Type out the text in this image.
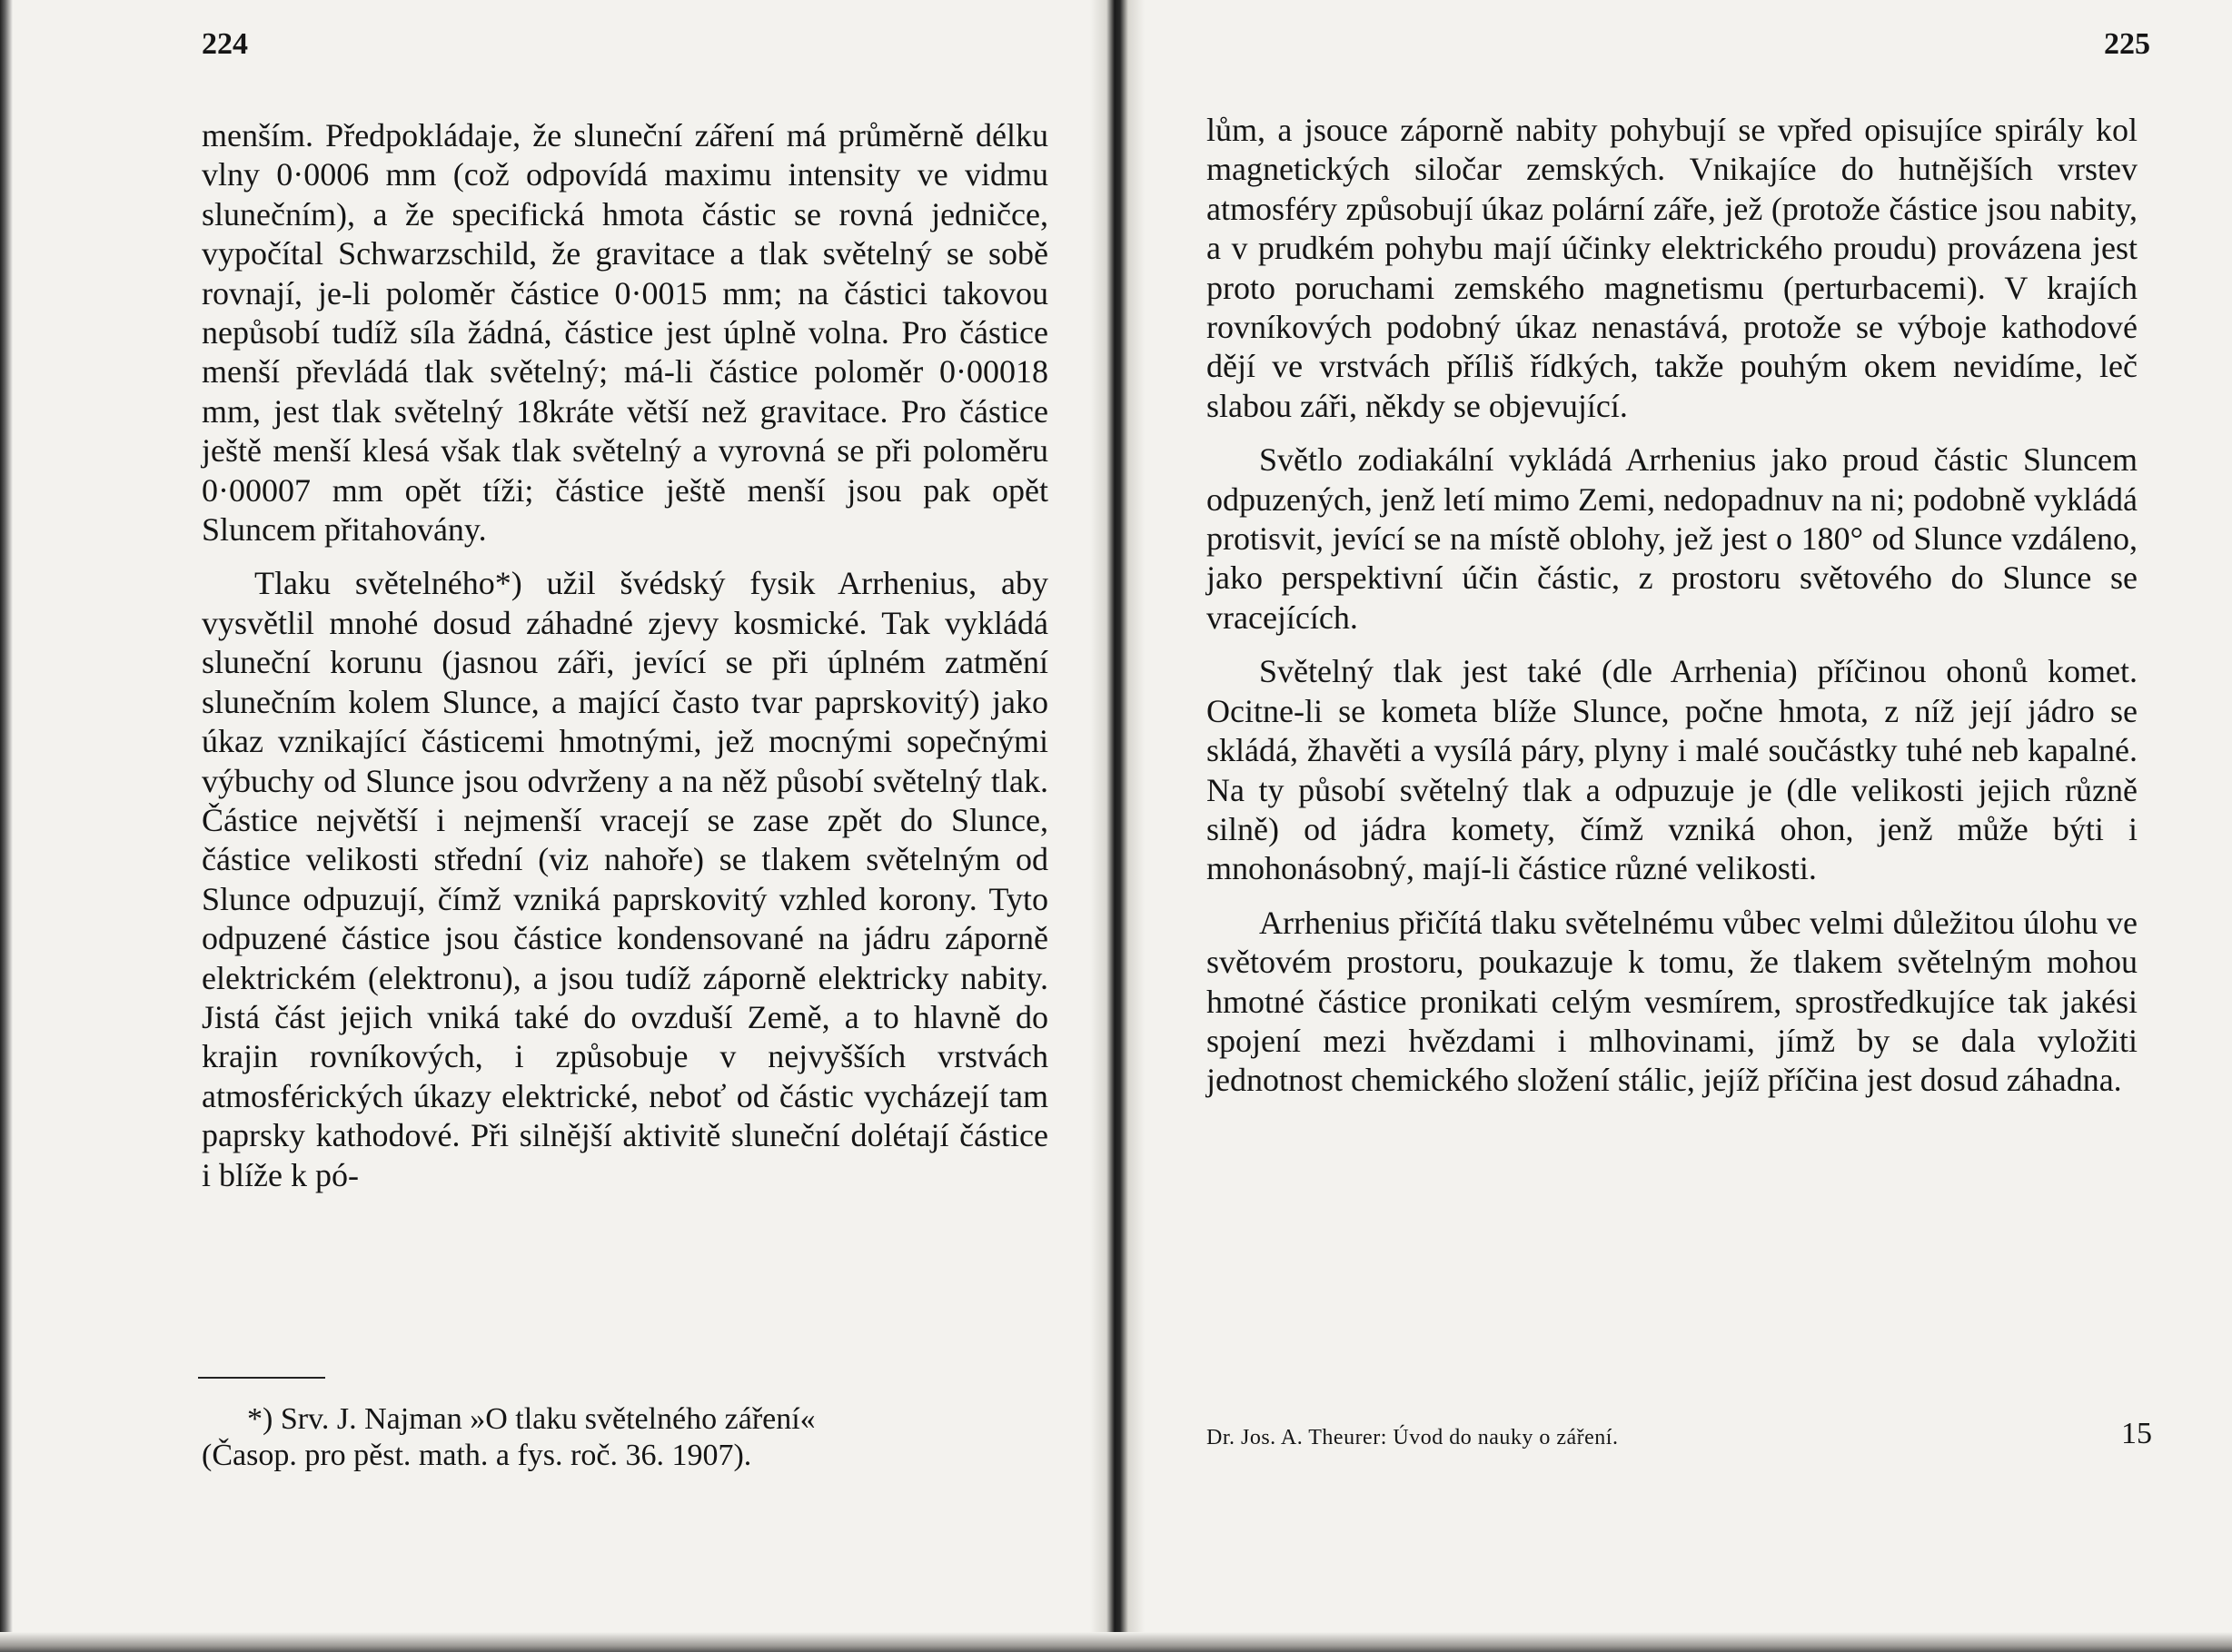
224

menším. Předpokládaje, že sluneční záření má průměrně délku vlny 0·0006 mm (což odpovídá maximu intensity ve vidmu slunečním), a že specifická hmota částic se rovná jedničce, vypočítal Schwarzschild, že gravitace a tlak světelný se sobě rovnají, je-li poloměr částice 0·0015 mm; na částici takovou nepůsobí tudíž síla žádná, částice jest úplně volna. Pro částice menší převládá tlak světelný; má-li částice poloměr 0·00018 mm, jest tlak světelný 18kráte větší než gravitace. Pro částice ještě menší klesá však tlak světelný a vyrovná se při poloměru 0·00007 mm opět tíži; částice ještě menší jsou pak opět Sluncem přitahovány.

Tlaku světelného*) užil švédský fysik Arrhenius, aby vysvětlil mnohé dosud záhadné zjevy kosmické. Tak vykládá sluneční korunu (jasnou záři, jevící se při úplném zatmění slunečním kolem Slunce, a mající často tvar paprskovitý) jako úkaz vznikající částicemi hmotnými, jež mocnými sopečnými výbuchy od Slunce jsou odvrženy a na něž působí světelný tlak. Částice největší i nejmenší vracejí se zase zpět do Slunce, částice velikosti střední (viz nahoře) se tlakem světelným od Slunce odpuzují, čímž vzniká paprskovitý vzhled korony. Tyto odpuzené částice jsou částice kondensované na jádru záporně elektrickém (elektronu), a jsou tudíž záporně elektricky nabity. Jistá část jejich vniká také do ovzduší Země, a to hlavně do krajin rovníkových, i způsobuje v nejvyšších vrstvách atmosférických úkazy elektrické, neboť od částic vycházejí tam paprsky kathodové. Při silnější aktivitě sluneční dolétají částice i blíže k pó-

*) Srv. J. Najman »O tlaku světelného záření«

(Časop. pro pěst. math. a fys. roč. 36. 1907).

225

lům, a jsouce záporně nabity pohybují se vpřed opisujíce spirály kol magnetických siločar zemských. Vnikajíce do hutnějších vrstev atmosféry způsobují úkaz polární záře, jež (protože částice jsou nabity, a v prudkém pohybu mají účinky elektrického proudu) provázena jest proto poruchami zemského magnetismu (perturbacemi). V krajích rovníkových podobný úkaz nenastává, protože se výboje kathodové dějí ve vrstvách příliš řídkých, takže pouhým okem nevidíme, leč slabou záři, někdy se objevující.

Světlo zodiakální vykládá Arrhenius jako proud částic Sluncem odpuzených, jenž letí mimo Zemi, nedopadnuv na ni; podobně vykládá protisvit, jevící se na místě oblohy, jež jest o 180° od Slunce vzdáleno, jako perspektivní účin částic, z prostoru světového do Slunce se vracejících.

Světelný tlak jest také (dle Arrhenia) příčinou ohonů komet. Ocitne-li se kometa blíže Slunce, počne hmota, z níž její jádro se skládá, žhavěti a vysílá páry, plyny i malé součástky tuhé neb kapalné. Na ty působí světelný tlak a odpuzuje je (dle velikosti jejich různě silně) od jádra komety, čímž vzniká ohon, jenž může býti i mnohonásobný, mají-li částice různé velikosti.

Arrhenius přičítá tlaku světelnému vůbec velmi důležitou úlohu ve světovém prostoru, poukazuje k tomu, že tlakem světelným mohou hmotné částice pronikati celým vesmírem, sprostředkujíce tak jakési spojení mezi hvězdami i mlhovinami, jímž by se dala vyložiti jednotnost chemického složení stálic, jejíž příčina jest dosud záhadna.

Dr. Jos. A. Theurer: Úvod do nauky o záření.	15
